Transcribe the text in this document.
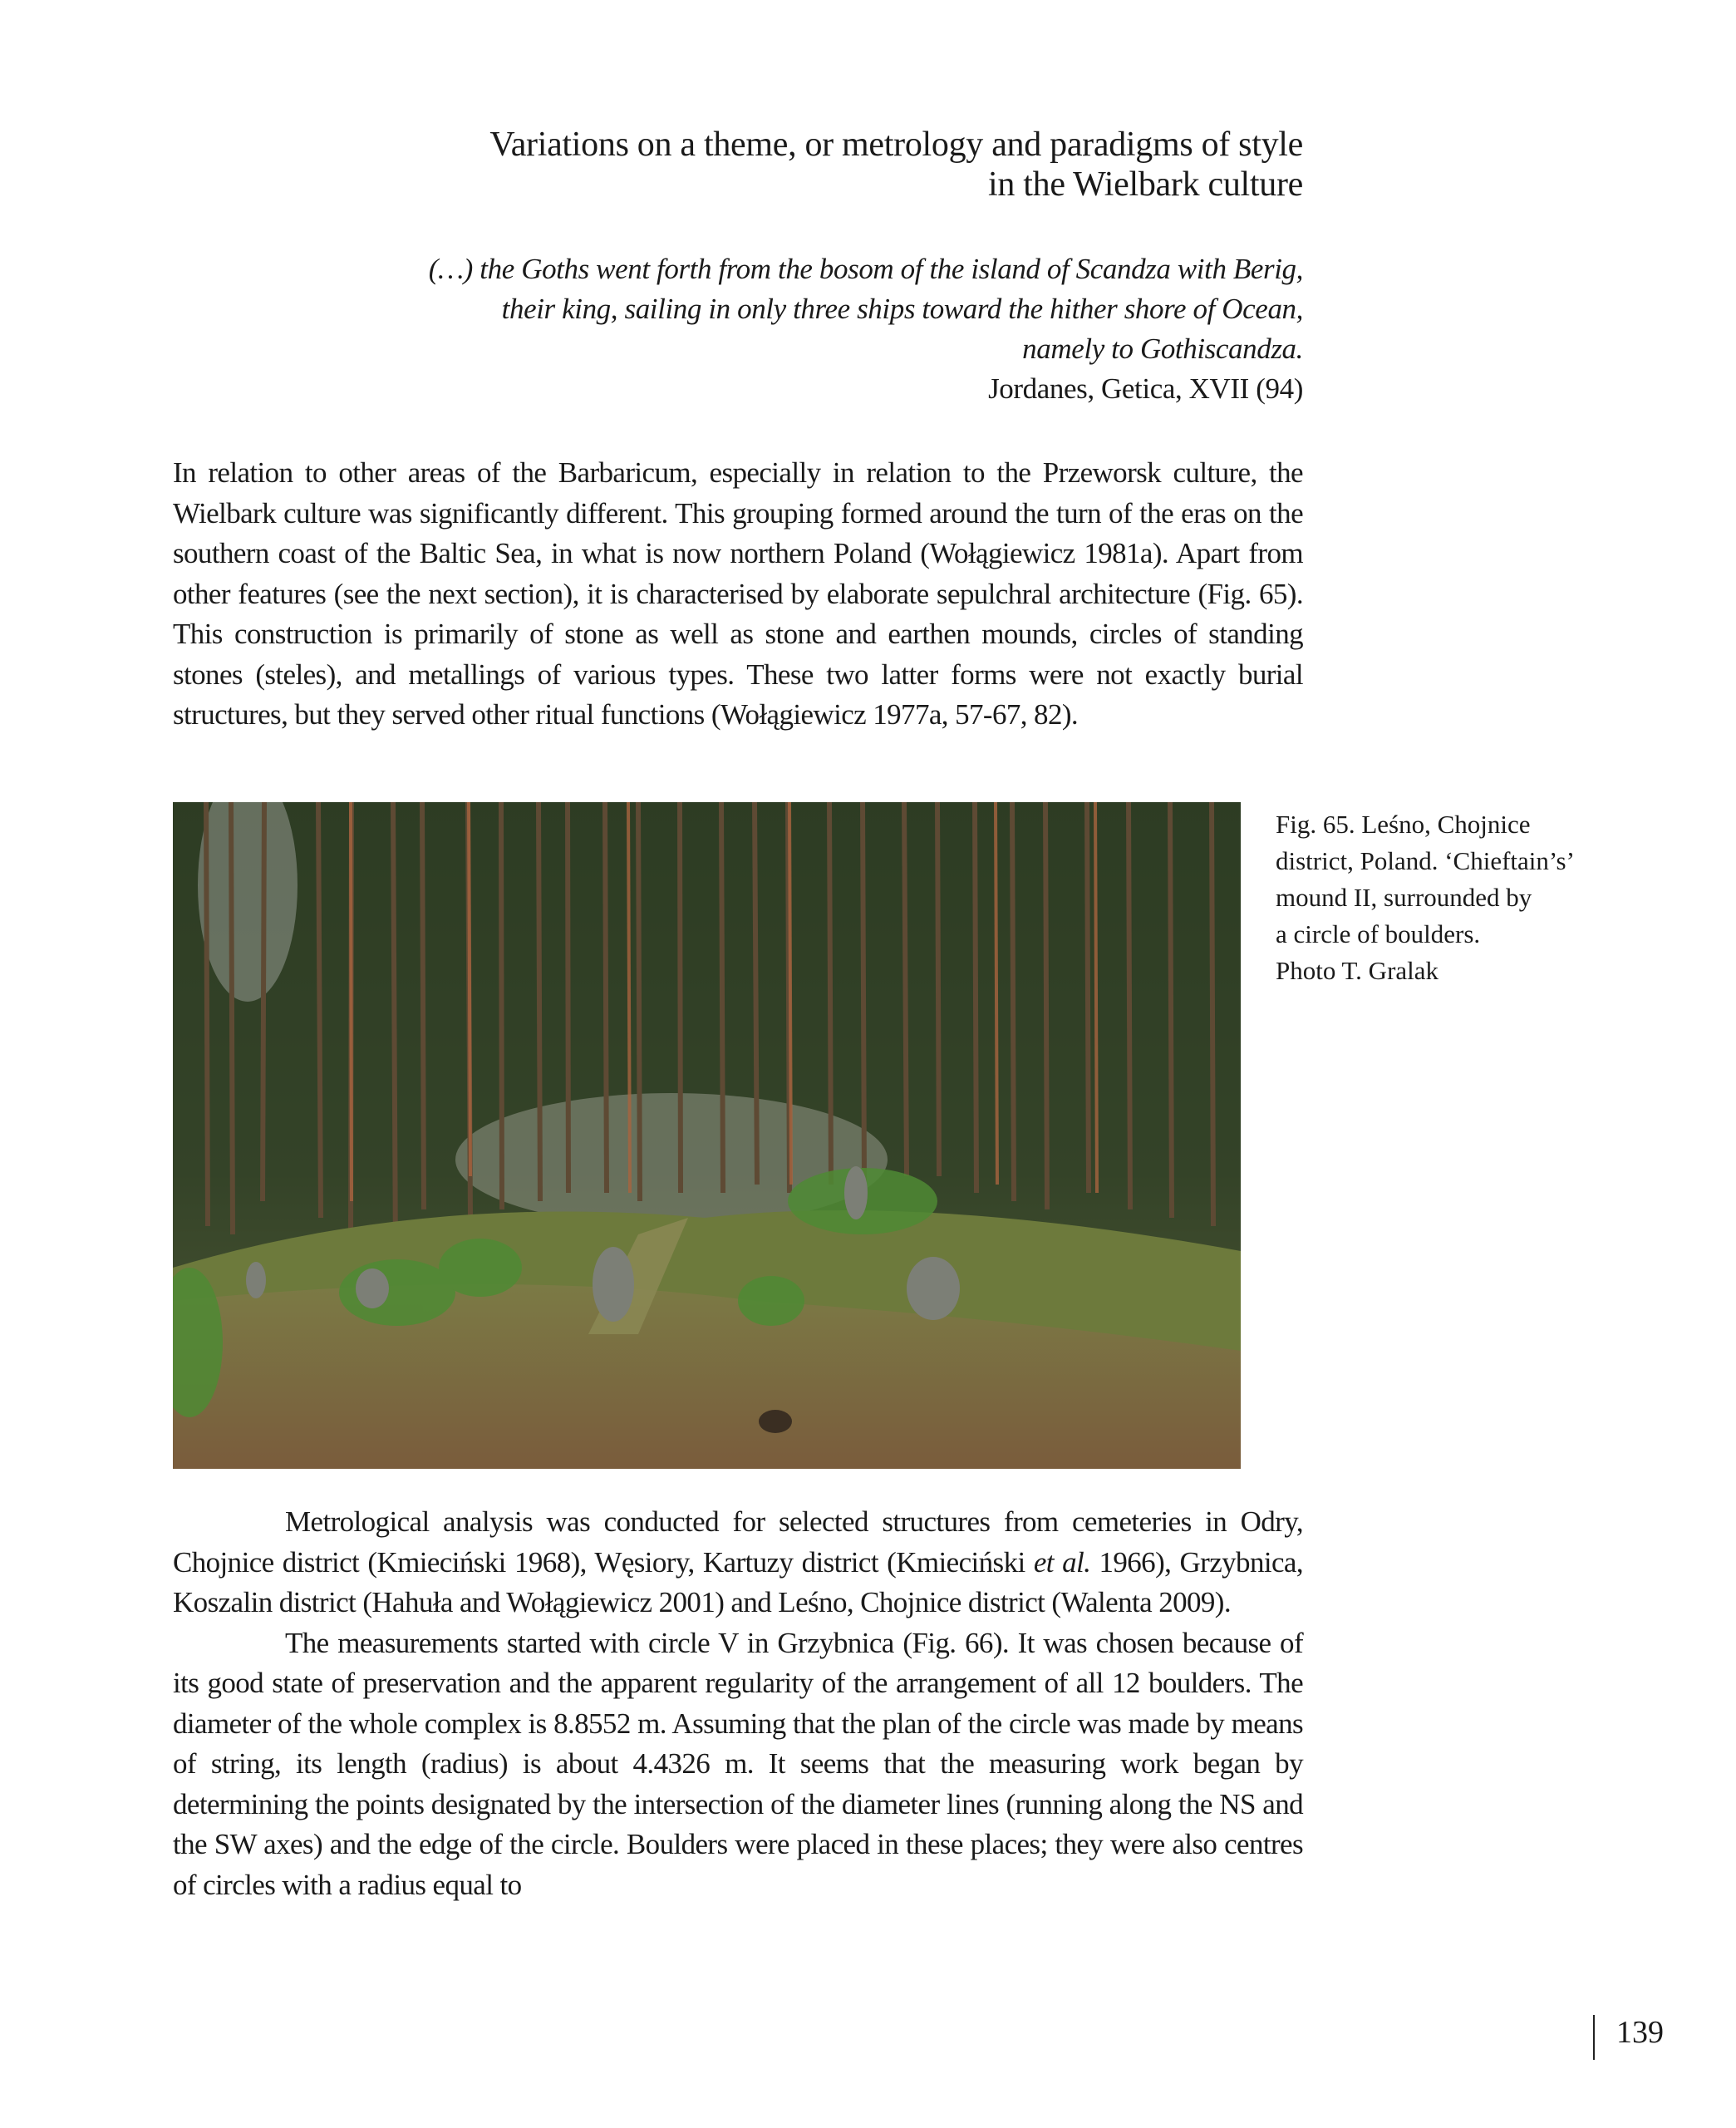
Variations on a theme, or metrology and paradigms of style
in the Wielbark culture
(…) the Goths went forth from the bosom of the island of Scandza with Berig,
their king, sailing in only three ships toward the hither shore of Ocean,
namely to Gothiscandza.
Jordanes, Getica, XVII (94)

In relation to other areas of the Barbaricum, especially in relation to the Przeworsk culture, the Wielbark culture was significantly different. This grouping formed around the turn of the eras on the southern coast of the Baltic Sea, in what is now northern Poland (Wołągiewicz 1981a). Apart from other features (see the next section), it is characterised by elaborate sepulchral architecture (Fig. 65). This construction is primarily of stone as well as stone and earthen mounds, circles of standing stones (steles), and metallings of various types. These two latter forms were not exactly burial structures, but they served other ritual functions (Wołągiewicz 1977a, 57-67, 82).

Fig. 65. Leśno, Chojnice
district, Poland. ‘Chieftain’s’
mound II, surrounded by
a circle of boulders.
Photo T. Gralak

Metrological analysis was conducted for selected structures from cemeteries in Odry, Chojnice district (Kmieciński 1968), Węsiory, Kartuzy district (Kmieciński et al. 1966), Grzybnica, Koszalin district (Hahuła and Wołągiewicz 2001) and Leśno, Chojnice district (Walenta 2009).

The measurements started with circle V in Grzybnica (Fig. 66). It was chosen because of its good state of preservation and the apparent regularity of the arrangement of all 12 boulders. The diameter of the whole complex is 8.8552 m. Assuming that the plan of the circle was made by means of string, its length (radius) is about 4.4326 m. It seems that the measuring work began by determining the points designated by the intersection of the diameter lines (running along the NS and the SW axes) and the edge of the circle. Boulders were placed in these places; they were also centres of circles with a radius equal to

139
